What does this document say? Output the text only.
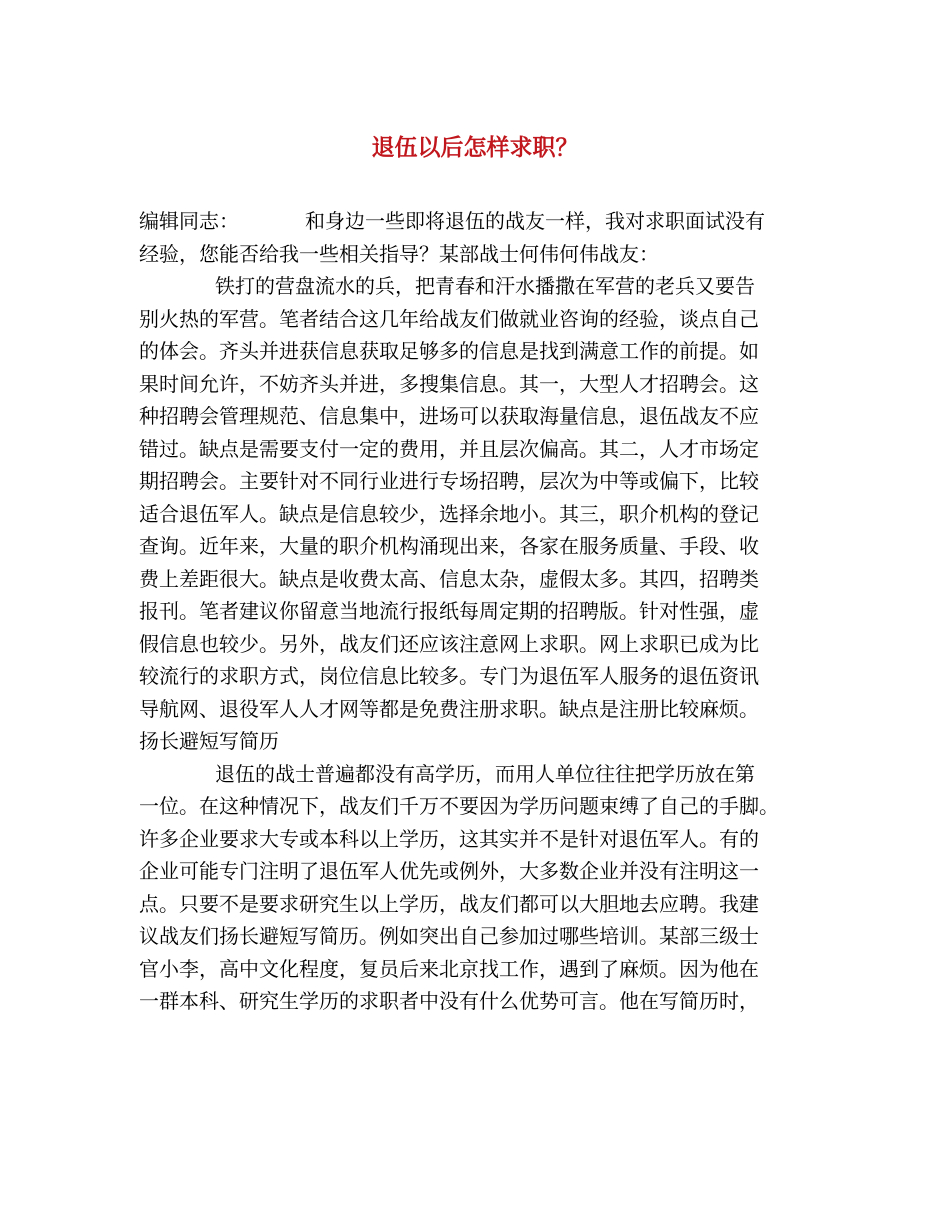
退伍以后怎样求职？

编辑同志：	和身边一些即将退伍的战友一样，我对求职面试没有
经验，您能否给我一些相关指导？某部战士何伟何伟战友：

铁打的营盘流水的兵，把青春和汗水播撒在军营的老兵又要告
别火热的军营。笔者结合这几年给战友们做就业咨询的经验，谈点自己
的体会。齐头并进获信息获取足够多的信息是找到满意工作的前提。如
果时间允许，不妨齐头并进，多搜集信息。其一，大型人才招聘会。这
种招聘会管理规范、信息集中，进场可以获取海量信息，退伍战友不应
错过。缺点是需要支付一定的费用，并且层次偏高。其二，人才市场定
期招聘会。主要针对不同行业进行专场招聘，层次为中等或偏下，比较
适合退伍军人。缺点是信息较少，选择余地小。其三，职介机构的登记
查询。近年来，大量的职介机构涌现出来，各家在服务质量、手段、收
费上差距很大。缺点是收费太高、信息太杂，虚假太多。其四，招聘类
报刊。笔者建议你留意当地流行报纸每周定期的招聘版。针对性强，虚
假信息也较少。另外，战友们还应该注意网上求职。网上求职已成为比
较流行的求职方式，岗位信息比较多。专门为退伍军人服务的退伍资讯
导航网、退役军人人才网等都是免费注册求职。缺点是注册比较麻烦。

扬长避短写简历

退伍的战士普遍都没有高学历，而用人单位往往把学历放在第
一位。在这种情况下，战友们千万不要因为学历问题束缚了自己的手脚。
许多企业要求大专或本科以上学历，这其实并不是针对退伍军人。有的
企业可能专门注明了退伍军人优先或例外，大多数企业并没有注明这一
点。只要不是要求研究生以上学历，战友们都可以大胆地去应聘。我建
议战友们扬长避短写简历。例如突出自己参加过哪些培训。某部三级士
官小李，高中文化程度，复员后来北京找工作，遇到了麻烦。因为他在
一群本科、研究生学历的求职者中没有什么优势可言。他在写简历时，
